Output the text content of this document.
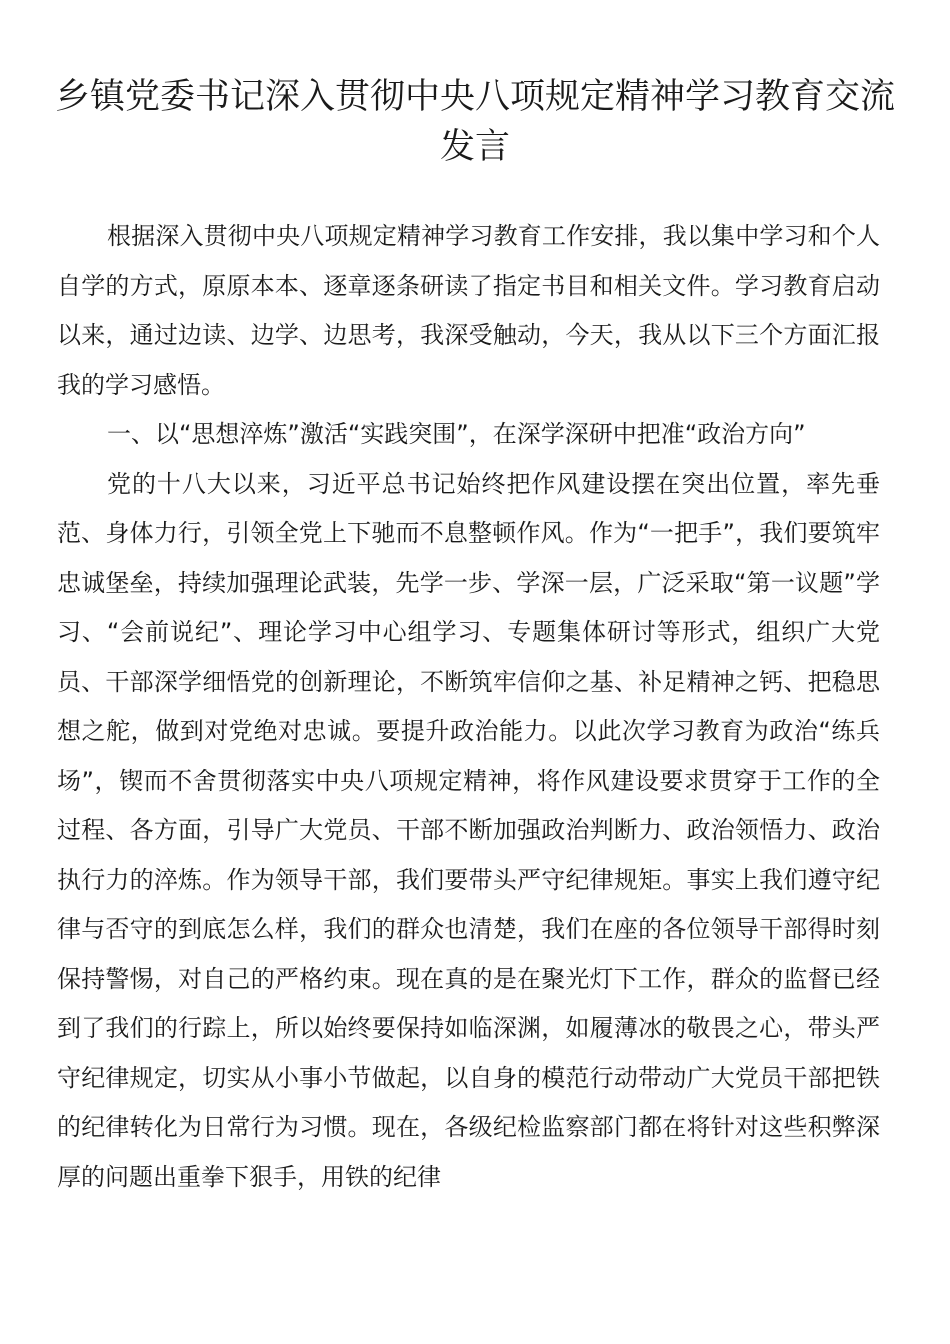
乡镇党委书记深入贯彻中央八项规定精神学习教育交流发言

根据深入贯彻中央八项规定精神学习教育工作安排，我以集中学习和个人自学的方式，原原本本、逐章逐条研读了指定书目和相关文件。学习教育启动以来，通过边读、边学、边思考，我深受触动，今天，我从以下三个方面汇报我的学习感悟。

一、以“思想淬炼”激活“实践突围”，在深学深研中把准“政治方向”

党的十八大以来，习近平总书记始终把作风建设摆在突出位置，率先垂范、身体力行，引领全党上下驰而不息整顿作风。作为“一把手”，我们要筑牢忠诚堡垒，持续加强理论武装，先学一步、学深一层，广泛采取“第一议题”学习、“会前说纪”、理论学习中心组学习、专题集体研讨等形式，组织广大党员、干部深学细悟党的创新理论，不断筑牢信仰之基、补足精神之钙、把稳思想之舵，做到对党绝对忠诚。要提升政治能力。以此次学习教育为政治“练兵场”，锲而不舍贯彻落实中央八项规定精神，将作风建设要求贯穿于工作的全过程、各方面，引导广大党员、干部不断加强政治判断力、政治领悟力、政治执行力的淬炼。作为领导干部，我们要带头严守纪律规矩。事实上我们遵守纪律与否守的到底怎么样，我们的群众也清楚，我们在座的各位领导干部得时刻保持警惕，对自己的严格约束。现在真的是在聚光灯下工作，群众的监督已经到了我们的行踪上，所以始终要保持如临深渊，如履薄冰的敬畏之心，带头严守纪律规定，切实从小事小节做起，以自身的模范行动带动广大党员干部把铁的纪律转化为日常行为习惯。现在，各级纪检监察部门都在将针对这些积弊深厚的问题出重拳下狠手，用铁的纪律
